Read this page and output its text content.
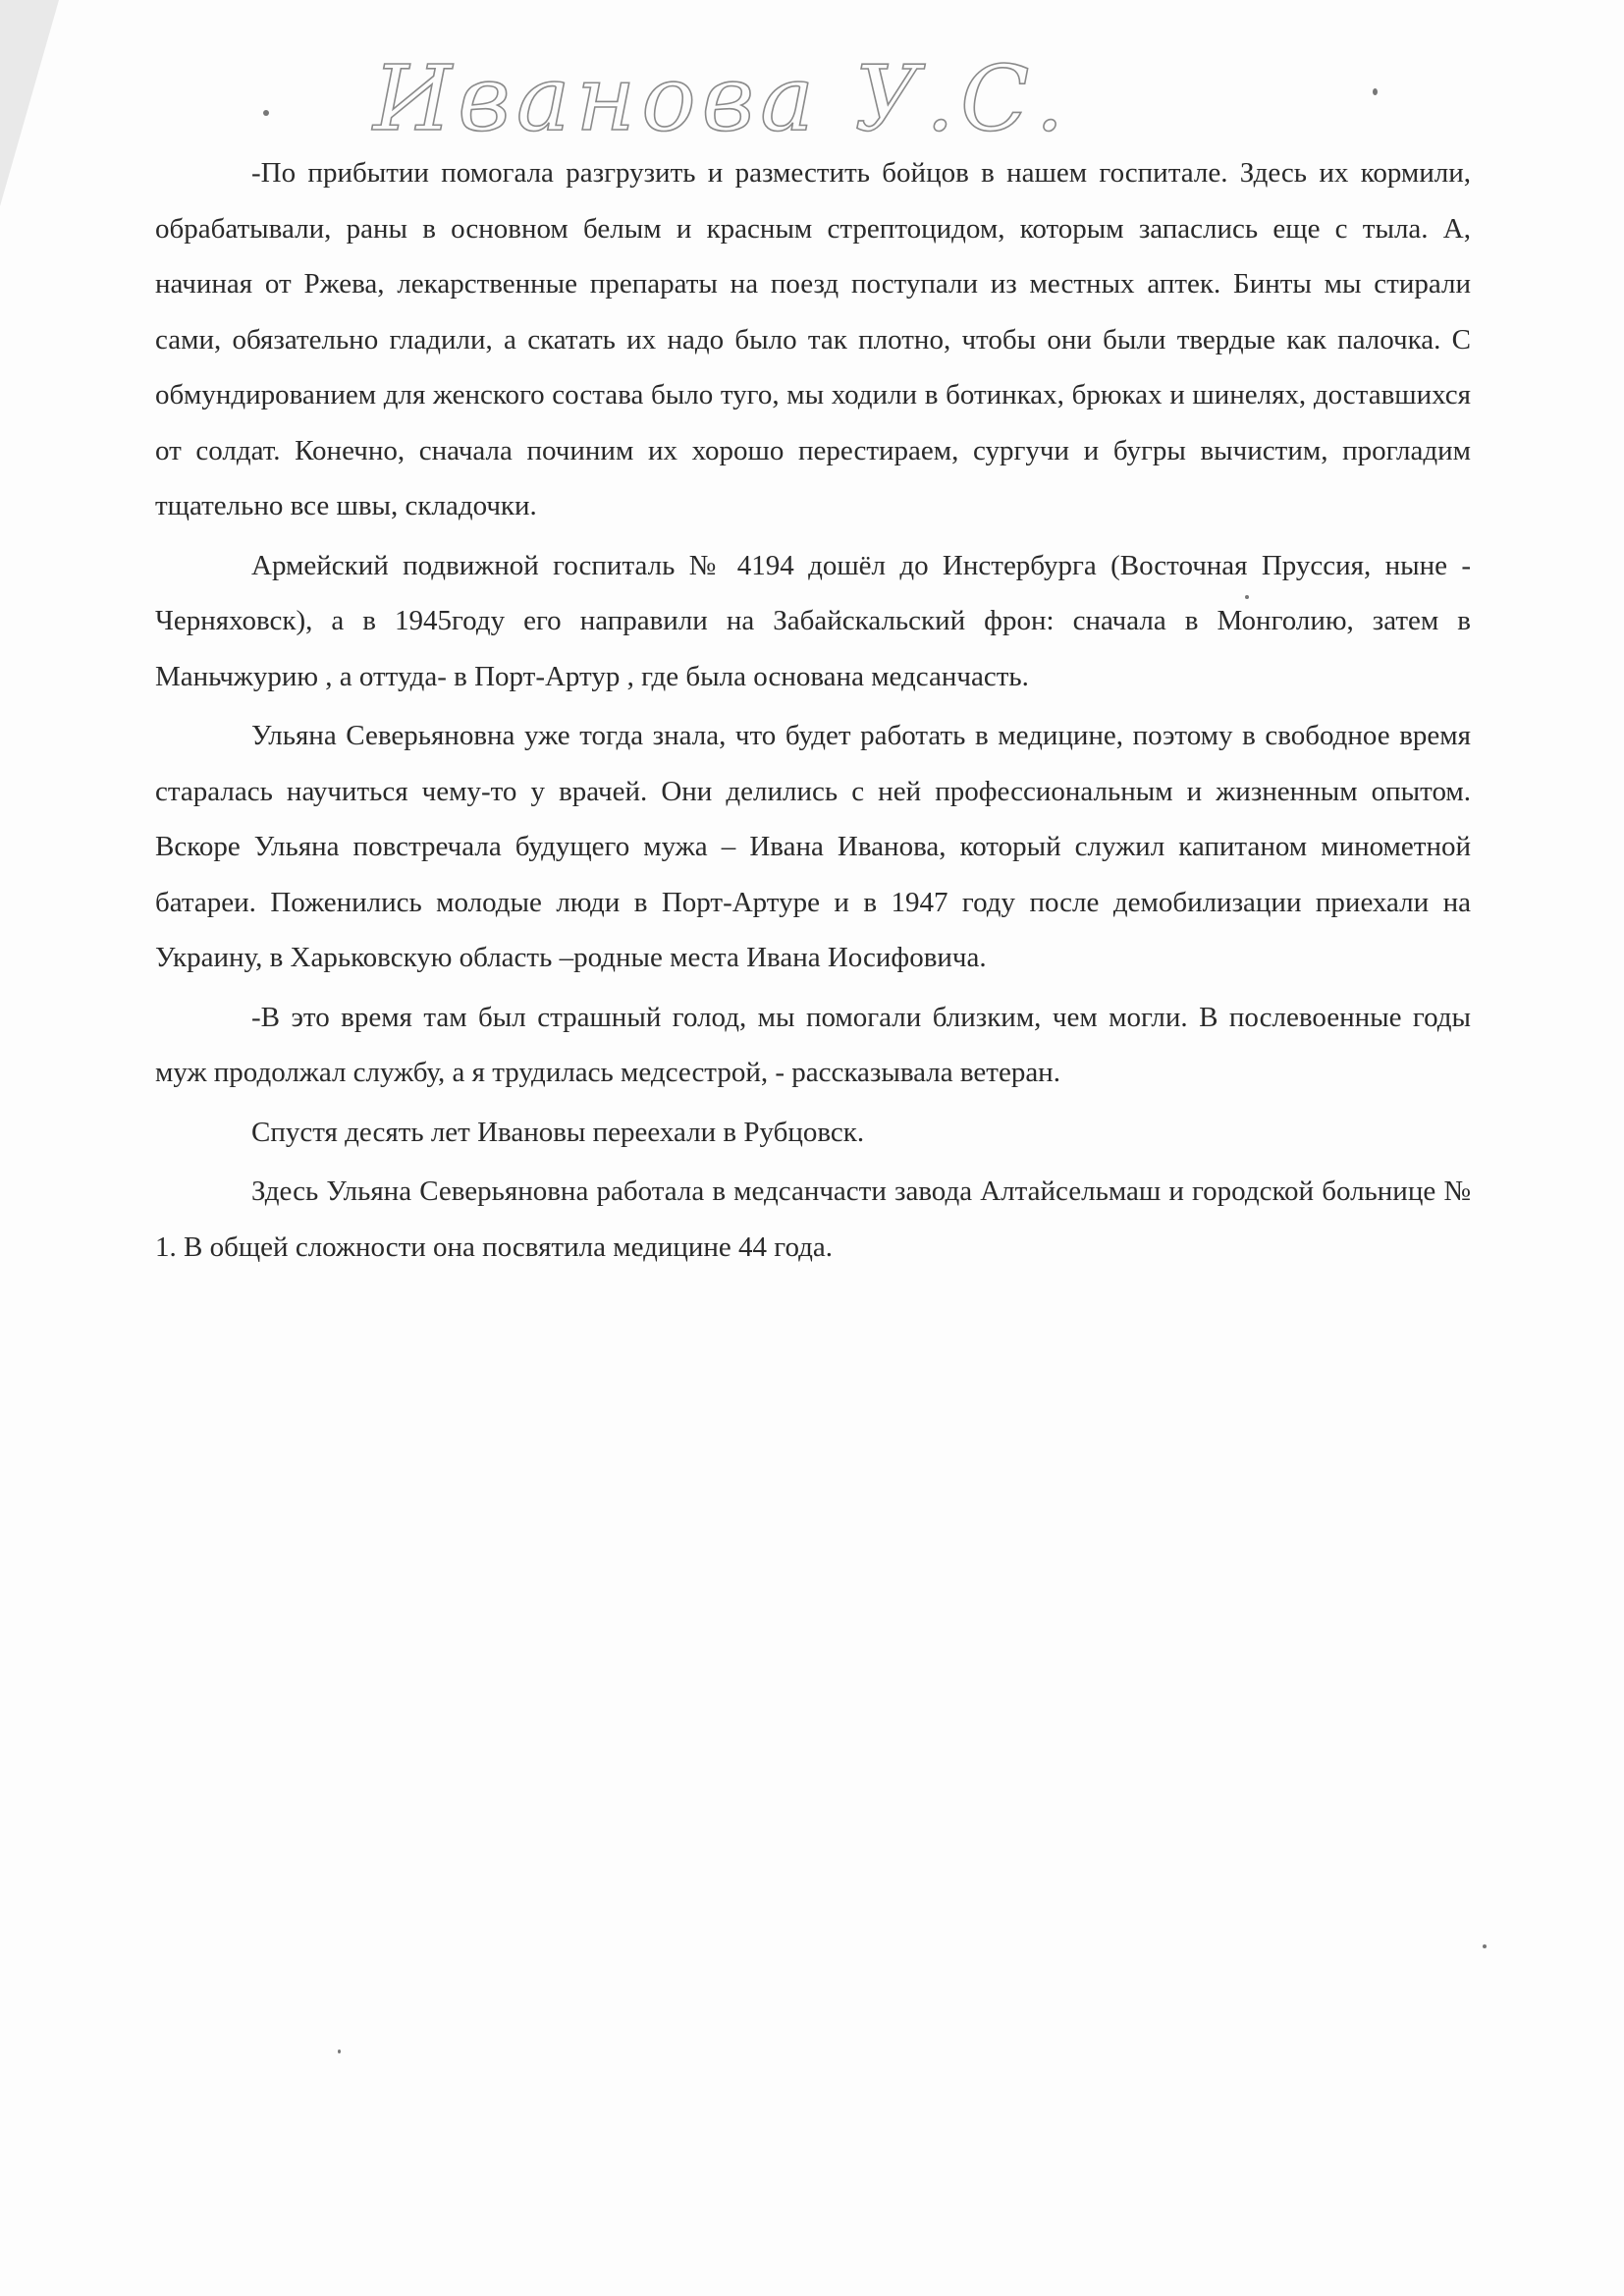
Иванова У.С.

-По прибытии помогала разгрузить и разместить бойцов в нашем госпитале. Здесь их кормили, обрабатывали, раны в основном белым и красным стрептоцидом, которым запаслись еще с тыла. А, начиная от Ржева, лекарственные препараты на поезд поступали из местных аптек. Бинты мы стирали сами, обязательно гладили, а скатать их надо было так плотно, чтобы они были твердые как палочка. С обмундированием для женского состава было туго, мы ходили в ботинках, брюках и шинелях, доставшихся от солдат. Конечно, сначала починим их хорошо перестираем, сургучи и бугры вычистим, прогладим тщательно все швы, складочки.

Армейский подвижной госпиталь № 4194 дошёл до Инстербурга (Восточная Пруссия, ныне - Черняховск), а в 1945году его направили на Забайскальский фрон: сначала в Монголию, затем в Маньчжурию , а оттуда- в Порт-Артур , где была основана медсанчасть.

Ульяна Северьяновна уже тогда знала, что будет работать в медицине, поэтому в свободное время старалась научиться чему-то у врачей. Они делились с ней профессиональным и жизненным опытом. Вскоре Ульяна повстречала будущего мужа – Ивана Иванова, который служил капитаном минометной батареи. Поженились молодые люди в Порт-Артуре и в 1947 году после демобилизации приехали на Украину, в Харьковскую область –родные места Ивана Иосифовича.

-В это время там был страшный голод, мы помогали близким, чем могли. В послевоенные годы муж продолжал службу, а я трудилась медсестрой, - рассказывала ветеран.

Спустя десять лет Ивановы переехали в Рубцовск.

Здесь Ульяна Северьяновна работала в медсанчасти завода Алтайсельмаш и городской больнице № 1. В общей сложности она посвятила медицине 44 года.
